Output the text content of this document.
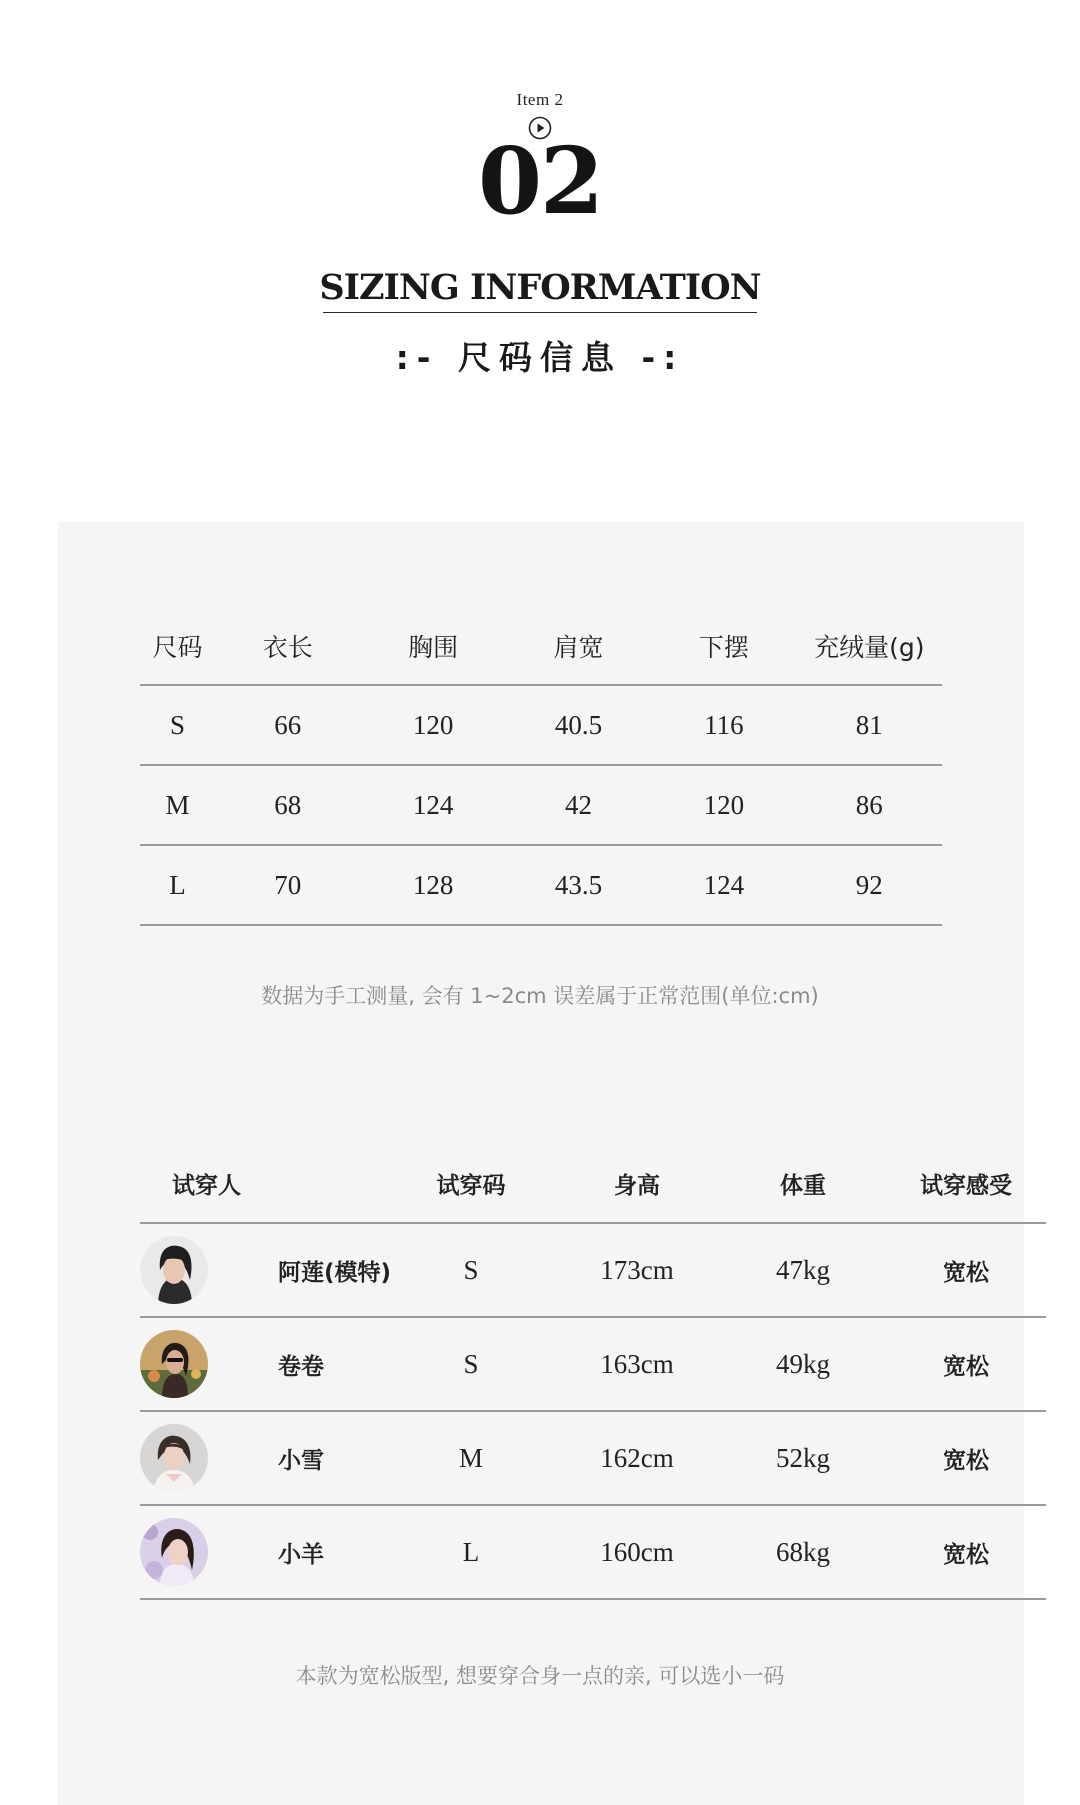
Item 2
02
SIZING INFORMATION
:- 尺码信息 -:
尺码	衣长	胸围	肩宽	下摆	充绒量(g)
S	66	120	40.5	116	81
M	68	124	42	120	86
L	70	128	43.5	124	92
数据为手工测量, 会有 1~2cm 误差属于正常范围(单位:cm)
试穿人		试穿码	身高	体重	试穿感受

	阿莲(模特)	S	173cm	47kg	宽松

	卷卷	S	163cm	49kg	宽松

	小雪	M	162cm	52kg	宽松

	小羊	L	160cm	68kg	宽松
本款为宽松版型, 想要穿合身一点的亲, 可以选小一码
